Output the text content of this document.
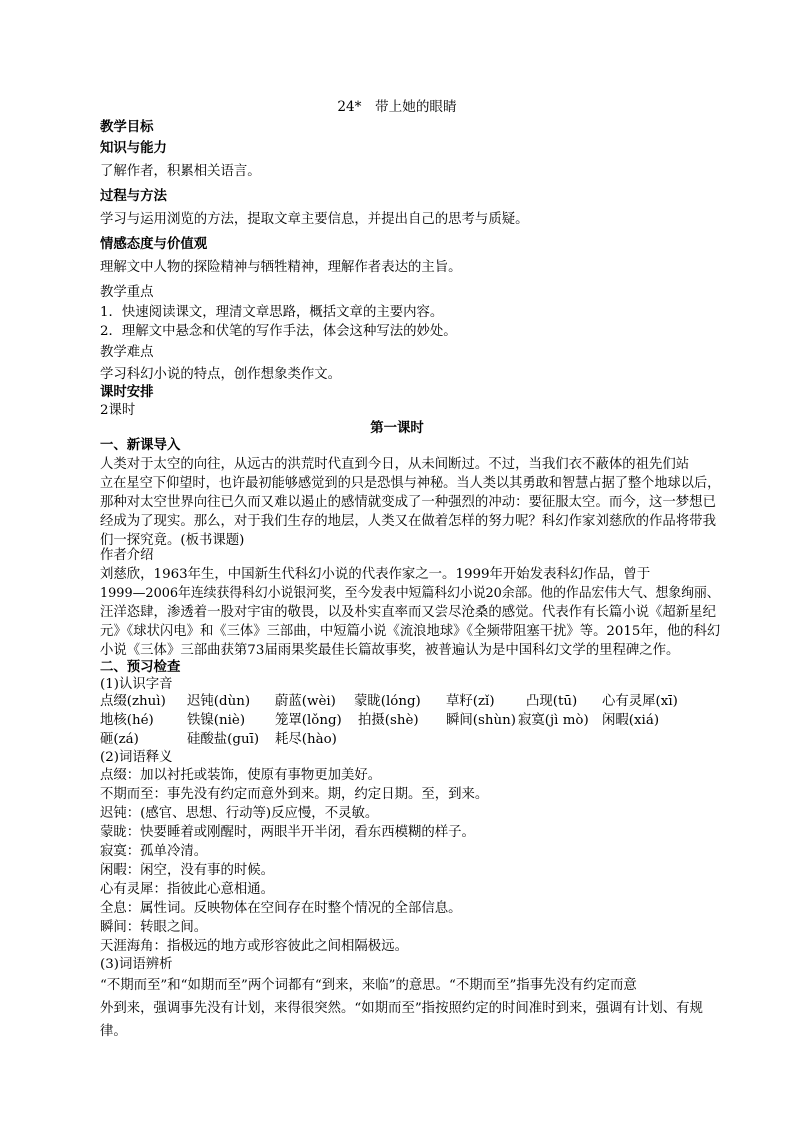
24*　带上她的眼睛
教学目标
知识与能力
了解作者，积累相关语言。
过程与方法
学习与运用浏览的方法，提取文章主要信息，并提出自己的思考与质疑。
情感态度与价值观
理解文中人物的探险精神与牺牲精神，理解作者表达的主旨。
教学重点
1．快速阅读课文，理清文章思路，概括文章的主要内容。
2．理解文中悬念和伏笔的写作手法，体会这种写法的妙处。
教学难点
学习科幻小说的特点，创作想象类作文。
课时安排
2课时
第一课时
一、新课导入
人类对于太空的向往，从远古的洪荒时代直到今日，从未间断过。不过，当我们衣不蔽体的祖先们站
立在星空下仰望时，也许最初能够感觉到的只是恐惧与神秘。当人类以其勇敢和智慧占据了整个地球以后，
那种对太空世界向往已久而又难以遏止的感情就变成了一种强烈的冲动：要征服太空。而今，这一梦想已
经成为了现实。那么，对于我们生存的地层，人类又在做着怎样的努力呢？科幻作家刘慈欣的作品将带我
们一探究竟。(板书课题)
作者介绍
刘慈欣，1963年生，中国新生代科幻小说的代表作家之一。1999年开始发表科幻作品，曾于
1999—2006年连续获得科幻小说银河奖，至今发表中短篇科幻小说20余部。他的作品宏伟大气、想象绚丽、
汪洋恣肆，渗透着一股对宇宙的敬畏，以及朴实直率而又尝尽沧桑的感觉。代表作有长篇小说《超新星纪
元》《球状闪电》和《三体》三部曲，中短篇小说《流浪地球》《全频带阻塞干扰》等。2015年，他的科幻
小说《三体》三部曲获第73届雨果奖最佳长篇故事奖，被普遍认为是中国科幻文学的里程碑之作。
二、预习检查
(1)认识字音
点缀(zhuì) 迟钝(dùn) 蔚蓝(wèi) 蒙眬(lóng) 草籽(zǐ) 凸现(tū) 心有灵犀(xī)
地核(hé) 铁镍(niè) 笼罩(lǒng) 拍摄(shè) 瞬间(shùn) 寂寞(jì mò) 闲暇(xiá)
砸(zá)	硅酸盐(guī) 耗尽(hào)
(2)词语释义
点缀：加以衬托或装饰，使原有事物更加美好。
不期而至：事先没有约定而意外到来。期，约定日期。至，到来。
迟钝：(感官、思想、行动等)反应慢，不灵敏。
蒙眬：快要睡着或刚醒时，两眼半开半闭，看东西模糊的样子。
寂寞：孤单冷清。
闲暇：闲空，没有事的时候。
心有灵犀：指彼此心意相通。
全息：属性词。反映物体在空间存在时整个情况的全部信息。
瞬间：转眼之间。
天涯海角：指极远的地方或形容彼此之间相隔极远。
(3)词语辨析
“不期而至”和“如期而至”两个词都有“到来，来临”的意思。“不期而至”指事先没有约定而意
外到来，强调事先没有计划，来得很突然。“如期而至”指按照约定的时间准时到来，强调有计划、有规
律。
